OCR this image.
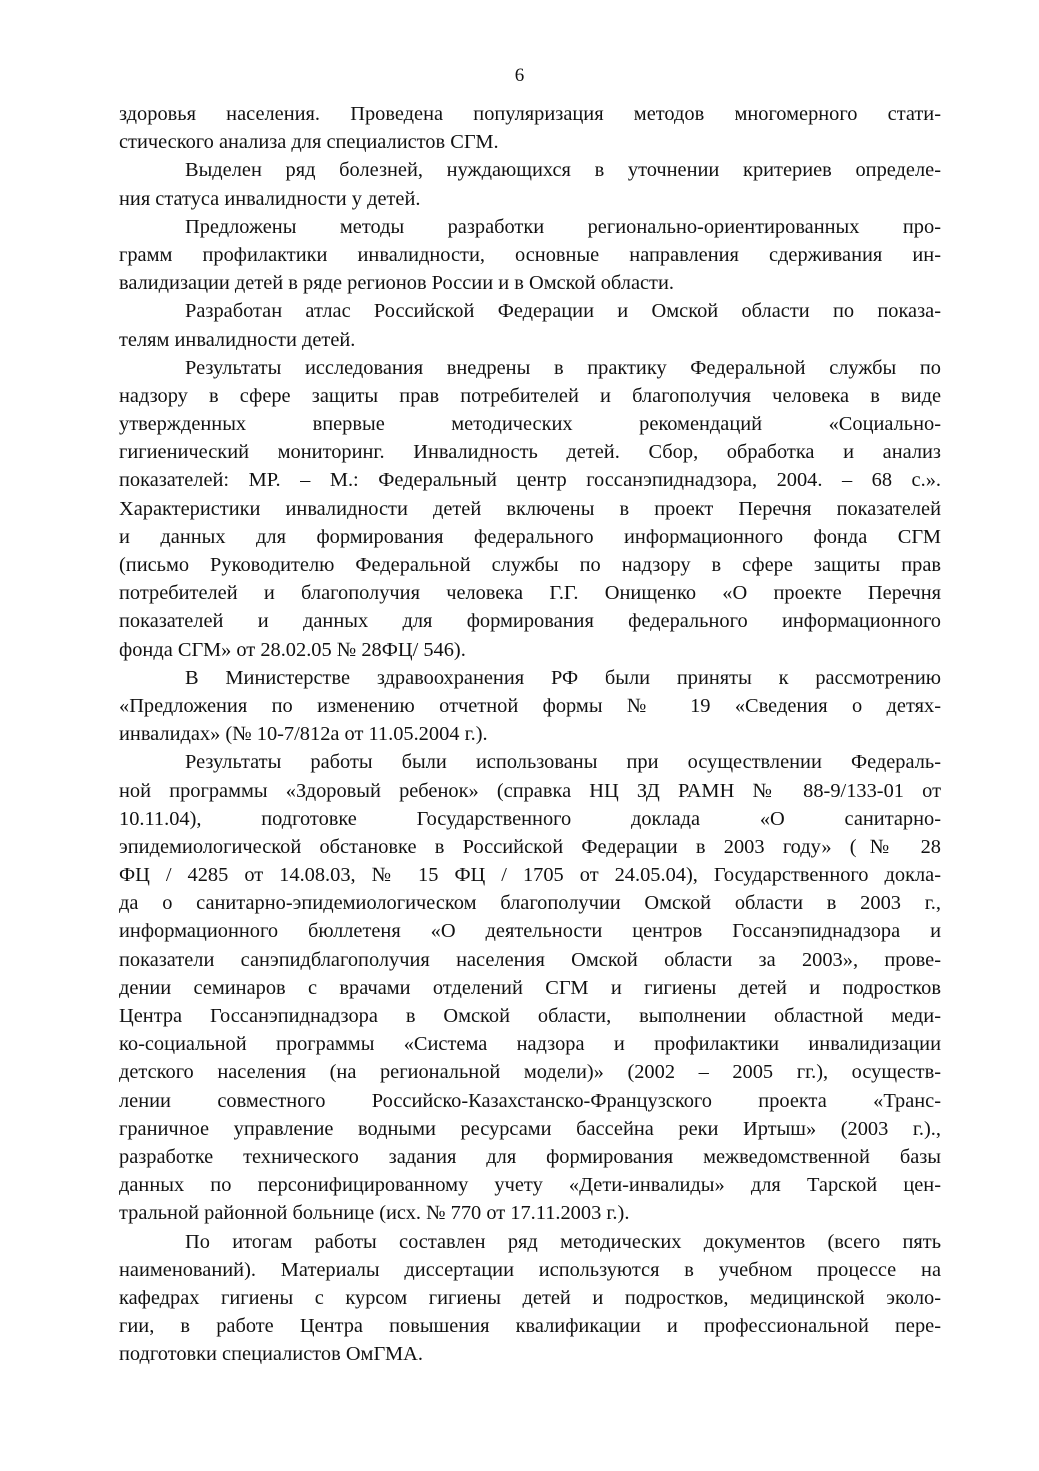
6
здоровья населения. Проведена популяризация методов многомерного стати-
стического анализа для специалистов СГМ.
Выделен ряд болезней, нуждающихся в уточнении критериев определе-
ния статуса инвалидности у детей.
Предложены методы разработки регионально-ориентированных про-
грамм профилактики инвалидности, основные направления сдерживания ин-
валидизации детей в ряде регионов России и в Омской области.
Разработан атлас Российской Федерации и Омской области по показа-
телям инвалидности детей.
Результаты исследования внедрены в практику Федеральной службы по
надзору в сфере защиты прав потребителей и благополучия человека в виде
утвержденных впервые методических рекомендаций «Социально-
гигиенический мониторинг. Инвалидность детей. Сбор, обработка и анализ
показателей: МР. – М.: Федеральный центр госсанэпиднадзора, 2004. – 68 с.».
Характеристики инвалидности детей включены в проект Перечня показателей
и данных для формирования федерального информационного фонда СГМ
(письмо Руководителю Федеральной службы по надзору в сфере защиты прав
потребителей и благополучия человека Г.Г. Онищенко «О проекте Перечня
показателей и данных для формирования федерального информационного
фонда СГМ» от 28.02.05 № 28ФЦ/ 546).
В Министерстве здравоохранения РФ были приняты к рассмотрению
«Предложения по изменению отчетной формы № 19 «Сведения о детях-
инвалидах» (№ 10-7/812а от 11.05.2004 г.).
Результаты работы были использованы при осуществлении Федераль-
ной программы «Здоровый ребенок» (справка НЦ ЗД РАМН № 88-9/133-01 от
10.11.04), подготовке Государственного доклада «О санитарно-
эпидемиологической обстановке в Российской Федерации в 2003 году» (№ 28
ФЦ / 4285 от 14.08.03, № 15 ФЦ / 1705 от 24.05.04), Государственного докла-
да о санитарно-эпидемиологическом благополучии Омской области в 2003 г.,
информационного бюллетеня «О деятельности центров Госсанэпиднадзора и
показатели санэпидблагополучия населения Омской области за 2003», прове-
дении семинаров с врачами отделений СГМ и гигиены детей и подростков
Центра Госсанэпиднадзора в Омской области, выполнении областной меди-
ко-социальной программы «Система надзора и профилактики инвалидизации
детского населения (на региональной модели)» (2002 – 2005 гг.), осуществ-
лении совместного Российско-Казахстанско-Французского проекта «Транс-
граничное управление водными ресурсами бассейна реки Иртыш» (2003 г.).,
разработке технического задания для формирования межведомственной базы
данных по персонифицированному учету «Дети-инвалиды» для Тарской цен-
тральной районной больнице (исх. № 770 от 17.11.2003 г.).
По итогам работы составлен ряд методических документов (всего пять
наименований). Материалы диссертации используются в учебном процессе на
кафедрах гигиены с курсом гигиены детей и подростков, медицинской эколо-
гии, в работе Центра повышения квалификации и профессиональной пере-
подготовки специалистов ОмГМА.
